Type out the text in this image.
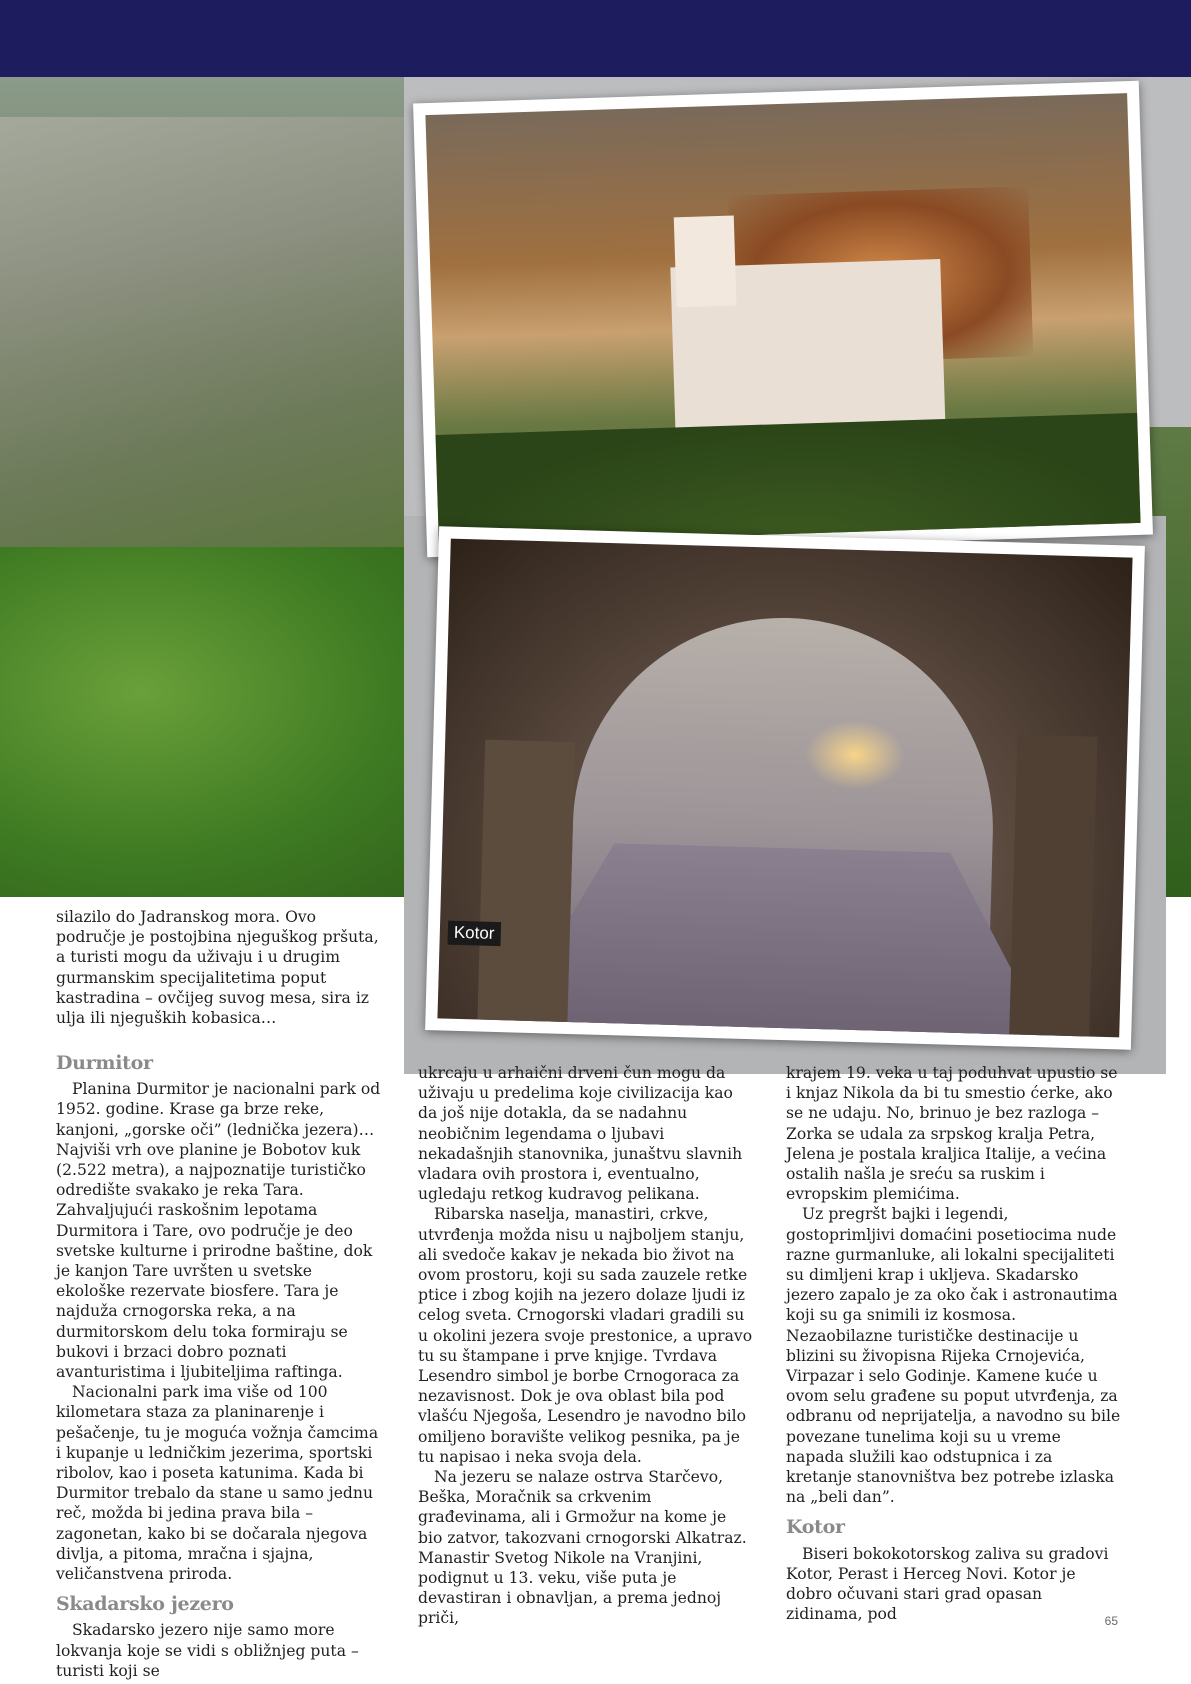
Kotor

silazilo do Jadranskog mora. Ovo područje je postojbina njeguškog pršuta, a turisti mogu da uživaju i u drugim gurmanskim specijalitetima poput kastradina – ovčijeg suvog mesa, sira iz ulja ili njeguških kobasica…

Durmitor

Planina Durmitor je nacionalni park od 1952. godine. Krase ga brze reke, kanjoni, „gorske oči” (lednička jezera)… Najviši vrh ove planine je Bobotov kuk (2.522 metra), a najpoznatije turističko odredište svakako je reka Tara. Zahvaljujući raskošnim lepotama Durmitora i Tare, ovo područje je deo svetske kulturne i prirodne baštine, dok je kanjon Tare uvršten u svetske ekološke rezervate biosfere. Tara je najduža crnogorska reka, a na durmitorskom delu toka formiraju se bukovi i brzaci dobro poznati avanturistima i ljubiteljima raftinga.

Nacionalni park ima više od 100 kilometara staza za planinarenje i pešačenje, tu je moguća vožnja čamcima i kupanje u ledničkim jezerima, sportski ribolov, kao i poseta katunima. Kada bi Durmitor trebalo da stane u samo jednu reč, možda bi jedina prava bila – zagonetan, kako bi se dočarala njegova divlja, a pitoma, mračna i sjajna, veličanstvena priroda.

Skadarsko jezero

Skadarsko jezero nije samo more lokvanja koje se vidi s obližnjeg puta – turisti koji se

ukrcaju u arhaični drveni čun mogu da uživaju u predelima koje civilizacija kao da još nije dotakla, da se nadahnu neobičnim legendama o ljubavi nekadašnjih stanovnika, junaštvu slavnih vladara ovih prostora i, eventualno, ugledaju retkog kudravog pelikana.

Ribarska naselja, manastiri, crkve, utvrđenja možda nisu u najboljem stanju, ali svedoče kakav je nekada bio život na ovom prostoru, koji su sada zauzele retke ptice i zbog kojih na jezero dolaze ljudi iz celog sveta. Crnogorski vladari gradili su u okolini jezera svoje prestonice, a upravo tu su štampane i prve knjige. Tvrdava Lesendro simbol je borbe Crnogoraca za nezavisnost. Dok je ova oblast bila pod vlašću Njegoša, Lesendro je navodno bilo omiljeno boravište velikog pesnika, pa je tu napisao i neka svoja dela.

Na jezeru se nalaze ostrva Starčevo, Beška, Moračnik sa crkvenim građevinama, ali i Grmožur na kome je bio zatvor, takozvani crnogorski Alkatraz. Manastir Svetog Nikole na Vranjini, podignut u 13. veku, više puta je devastiran i obnavljan, a prema jednoj priči,

krajem 19. veka u taj poduhvat upustio se i knjaz Nikola da bi tu smestio ćerke, ako se ne udaju. No, brinuo je bez razloga – Zorka se udala za srpskog kralja Petra, Jelena je postala kraljica Italije, a većina ostalih našla je sreću sa ruskim i evropskim plemićima.

Uz pregršt bajki i legendi, gostoprimljivi domaćini posetiocima nude razne gurmanluke, ali lokalni specijaliteti su dimljeni krap i ukljeva. Skadarsko jezero zapalo je za oko čak i astronautima koji su ga snimili iz kosmosa. Nezaobilazne turističke destinacije u blizini su živopisna Rijeka Crnojevića, Virpazar i selo Godinje. Kamene kuće u ovom selu građene su poput utvrđenja, za odbranu od neprijatelja, a navodno su bile povezane tunelima koji su u vreme napada služili kao odstupnica i za kretanje stanovništva bez potrebe izlaska na „beli dan”.

Kotor

Biseri bokokotorskog zaliva su gradovi Kotor, Perast i Herceg Novi. Kotor je dobro očuvani stari grad opasan zidinama, pod	65
